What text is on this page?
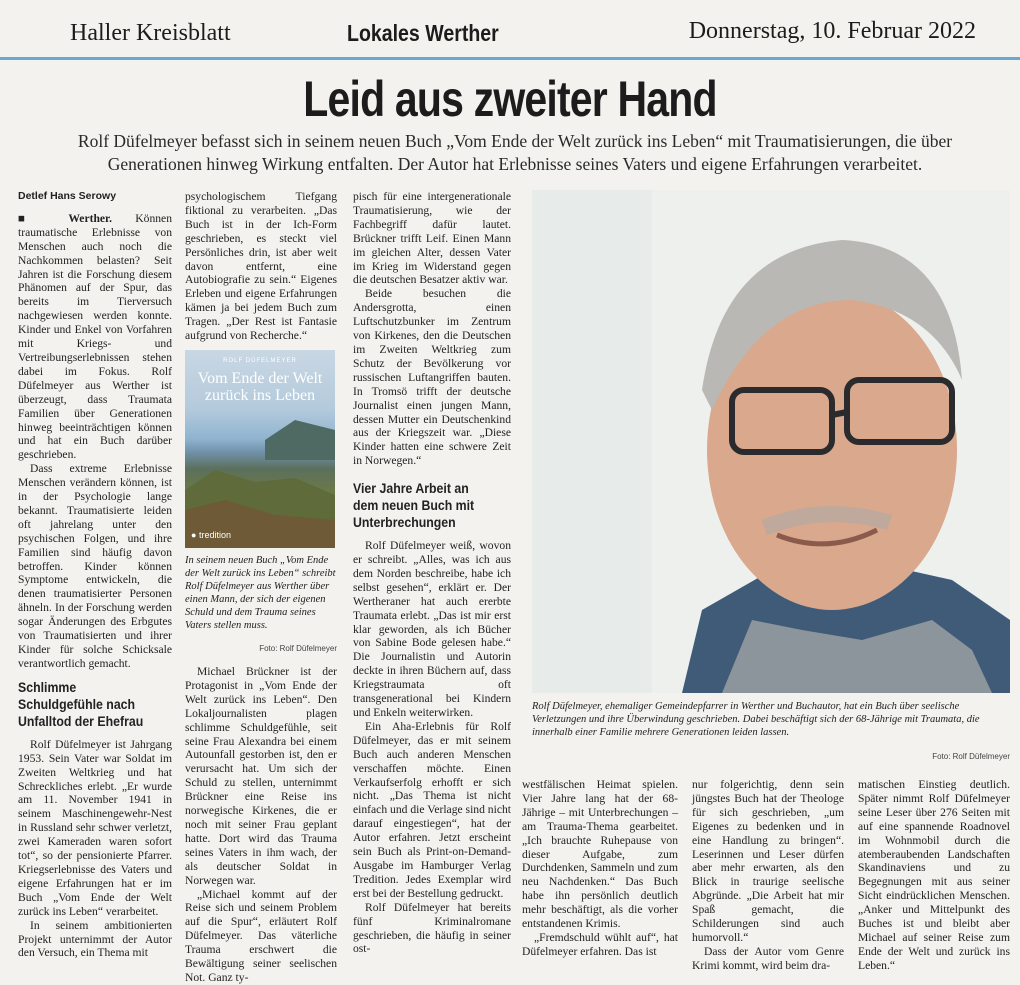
Haller Kreisblatt	Lokales Werther	Donnerstag, 10. Februar 2022
Leid aus zweiter Hand
Rolf Düfelmeyer befasst sich in seinem neuen Buch „Vom Ende der Welt zurück ins Leben“ mit Traumatisierungen, die über Generationen hinweg Wirkung entfalten. Der Autor hat Erlebnisse seines Vaters und eigene Erfahrungen verarbeitet.
Detlef Hans Serowy

■ Werther. Können traumatische Erlebnisse von Menschen auch noch die Nachkommen belasten? Seit Jahren ist die Forschung diesem Phänomen auf der Spur, das bereits im Tierversuch nachgewiesen werden konnte. Kinder und Enkel von Vorfahren mit Kriegs- und Vertreibungserlebnissen stehen dabei im Fokus. Rolf Düfelmeyer aus Werther ist überzeugt, dass Traumata Familien über Generationen hinweg beeinträchtigen können und hat ein Buch darüber geschrieben.

Dass extreme Erlebnisse Menschen verändern können, ist in der Psychologie lange bekannt. Traumatisierte leiden oft jahrelang unter den psychischen Folgen, und ihre Familien sind häufig davon betroffen. Kinder können Symptome entwickeln, die denen traumatisierter Personen ähneln. In der Forschung werden sogar Änderungen des Erbgutes von Traumatisierten und ihrer Kinder für solche Schicksale verantwortlich gemacht.

Schlimme Schuldgefühle nach Unfalltod der Ehefrau

Rolf Düfelmeyer ist Jahrgang 1953. Sein Vater war Soldat im Zweiten Weltkrieg und hat Schreckliches erlebt. „Er wurde am 11. November 1941 in seinem Maschinengewehr-Nest in Russland sehr schwer verletzt, zwei Kameraden waren sofort tot“, so der pensionierte Pfarrer. Kriegserlebnisse des Vaters und eigene Erfahrungen hat er im Buch „Vom Ende der Welt zurück ins Leben“ verarbeitet.

In seinem ambitionierten Projekt unternimmt der Autor den Versuch, ein Thema mit

psychologischem Tiefgang fiktional zu verarbeiten. „Das Buch ist in der Ich-Form geschrieben, es steckt viel Persönliches drin, ist aber weit davon entfernt, eine Autobiografie zu sein.“ Eigenes Erleben und eigene Erfahrungen kämen ja bei jedem Buch zum Tragen. „Der Rest ist Fantasie aufgrund von Recherche.“

ROLF DÜFELMEYER
Vom Ende der Welt zurück ins Leben
● tredition
In seinem neuen Buch „Vom Ende der Welt zurück ins Leben“ schreibt Rolf Düfelmeyer aus Werther über einen Mann, der sich der eigenen Schuld und dem Trauma seines Vaters stellen muss.
Foto: Rolf Düfelmeyer

Michael Brückner ist der Protagonist in „Vom Ende der Welt zurück ins Leben“. Den Lokaljournalisten plagen schlimme Schuldgefühle, seit seine Frau Alexandra bei einem Autounfall gestorben ist, den er verursacht hat. Um sich der Schuld zu stellen, unternimmt Brückner eine Reise ins norwegische Kirkenes, die er noch mit seiner Frau geplant hatte. Dort wird das Trauma seines Vaters in ihm wach, der als deutscher Soldat in Norwegen war.

„Michael kommt auf der Reise sich und seinem Problem auf die Spur“, erläutert Rolf Düfelmeyer. Das väterliche Trauma erschwert die Bewältigung seiner seelischen Not. Ganz ty-

pisch für eine intergenerationale Traumatisierung, wie der Fachbegriff dafür lautet. Brückner trifft Leif. Einen Mann im gleichen Alter, dessen Vater im Krieg im Widerstand gegen die deutschen Besatzer aktiv war.

Beide besuchen die Andersgrotta, einen Luftschutzbunker im Zentrum von Kirkenes, den die Deutschen im Zweiten Weltkrieg zum Schutz der Bevölkerung vor russischen Luftangriffen bauten. In Tromsö trifft der deutsche Journalist einen jungen Mann, dessen Mutter ein Deutschenkind aus der Kriegszeit war. „Diese Kinder hatten eine schwere Zeit in Norwegen.“

Vier Jahre Arbeit an dem neuen Buch mit Unterbrechungen

Rolf Düfelmeyer weiß, wovon er schreibt. „Alles, was ich aus dem Norden beschreibe, habe ich selbst gesehen“, erklärt er. Der Wertheraner hat auch ererbte Traumata erlebt. „Das ist mir erst klar geworden, als ich Bücher von Sabine Bode gelesen habe.“ Die Journalistin und Autorin deckte in ihren Büchern auf, dass Kriegstraumata oft transgenerational bei Kindern und Enkeln weiterwirken.

Ein Aha-Erlebnis für Rolf Düfelmeyer, das er mit seinem Buch auch anderen Menschen verschaffen möchte. Einen Verkaufserfolg erhofft er sich nicht. „Das Thema ist nicht einfach und die Verlage sind nicht darauf eingestiegen“, hat der Autor erfahren. Jetzt erscheint sein Buch als Print-on-Demand-Ausgabe im Hamburger Verlag Tredition. Jedes Exemplar wird erst bei der Bestellung gedruckt.

Rolf Düfelmeyer hat bereits fünf Kriminalromane geschrieben, die häufig in seiner ost-

Rolf Düfelmeyer, ehemaliger Gemeindepfarrer in Werther und Buchautor, hat ein Buch über seelische Verletzungen und ihre Überwindung geschrieben. Dabei beschäftigt sich der 68-Jährige mit Traumata, die innerhalb einer Familie mehrere Generationen leiden lassen.
Foto: Rolf Düfelmeyer

westfälischen Heimat spielen. Vier Jahre lang hat der 68-Jährige – mit Unterbrechungen – am Trauma-Thema gearbeitet. „Ich brauchte Ruhepause von dieser Aufgabe, zum Durchdenken, Sammeln und zum neu Nachdenken.“ Das Buch habe ihn persönlich deutlich mehr beschäftigt, als die vorher entstandenen Krimis.

„Fremdschuld wühlt auf“, hat Düfelmeyer erfahren. Das ist

nur folgerichtig, denn sein jüngstes Buch hat der Theologe für sich geschrieben, „um Eigenes zu bedenken und in eine Handlung zu bringen“. Leserinnen und Leser dürfen aber mehr erwarten, als den Blick in traurige seelische Abgründe. „Die Arbeit hat mir Spaß gemacht, die Schilderungen sind auch humorvoll.“

Dass der Autor vom Genre Krimi kommt, wird beim dra-

matischen Einstieg deutlich. Später nimmt Rolf Düfelmeyer seine Leser über 276 Seiten mit auf eine spannende Roadnovel im Wohnmobil durch die atemberaubenden Landschaften Skandinaviens und zu Begegnungen mit aus seiner Sicht eindrücklichen Menschen. „Anker und Mittelpunkt des Buches ist und bleibt aber Michael auf seiner Reise zum Ende der Welt und zurück ins Leben.“
